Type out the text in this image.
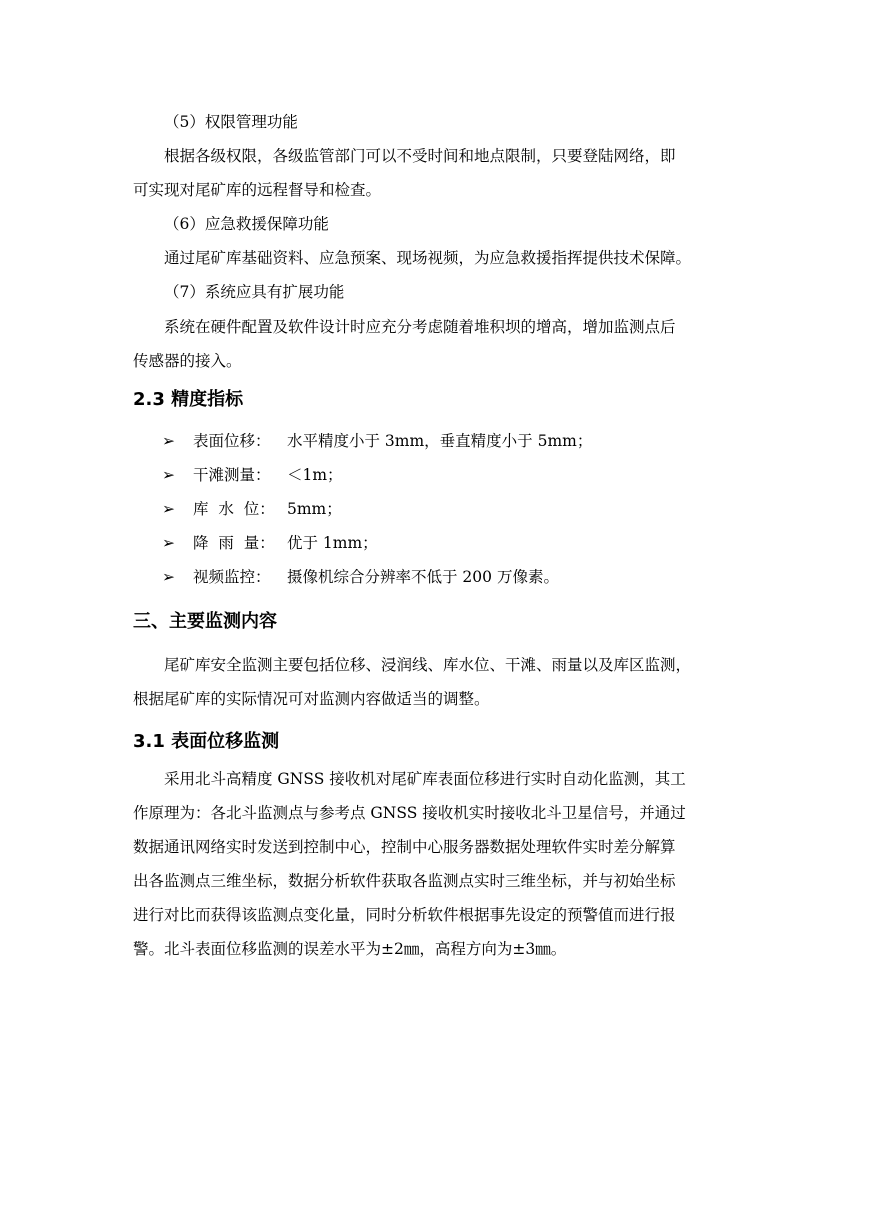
（5）权限管理功能
根据各级权限，各级监管部门可以不受时间和地点限制，只要登陆网络，即
可实现对尾矿库的远程督导和检查。
（6）应急救援保障功能
通过尾矿库基础资料、应急预案、现场视频，为应急救援指挥提供技术保障。
（7）系统应具有扩展功能
系统在硬件配置及软件设计时应充分考虑随着堆积坝的增高，增加监测点后
传感器的接入。
2.3 精度指标
➢ 表面位移： 水平精度小于 3mm，垂直精度小于 5mm；
➢ 干滩测量： ＜1m；
➢ 库  水  位： 5mm；
➢ 降  雨  量： 优于 1mm；
➢ 视频监控： 摄像机综合分辨率不低于 200 万像素。
三、主要监测内容
尾矿库安全监测主要包括位移、浸润线、库水位、干滩、雨量以及库区监测，
根据尾矿库的实际情况可对监测内容做适当的调整。
3.1 表面位移监测
采用北斗高精度 GNSS 接收机对尾矿库表面位移进行实时自动化监测，其工
作原理为：各北斗监测点与参考点 GNSS 接收机实时接收北斗卫星信号，并通过
数据通讯网络实时发送到控制中心，控制中心服务器数据处理软件实时差分解算
出各监测点三维坐标，数据分析软件获取各监测点实时三维坐标，并与初始坐标
进行对比而获得该监测点变化量，同时分析软件根据事先设定的预警值而进行报
警。北斗表面位移监测的误差水平为±2㎜，高程方向为±3㎜。
